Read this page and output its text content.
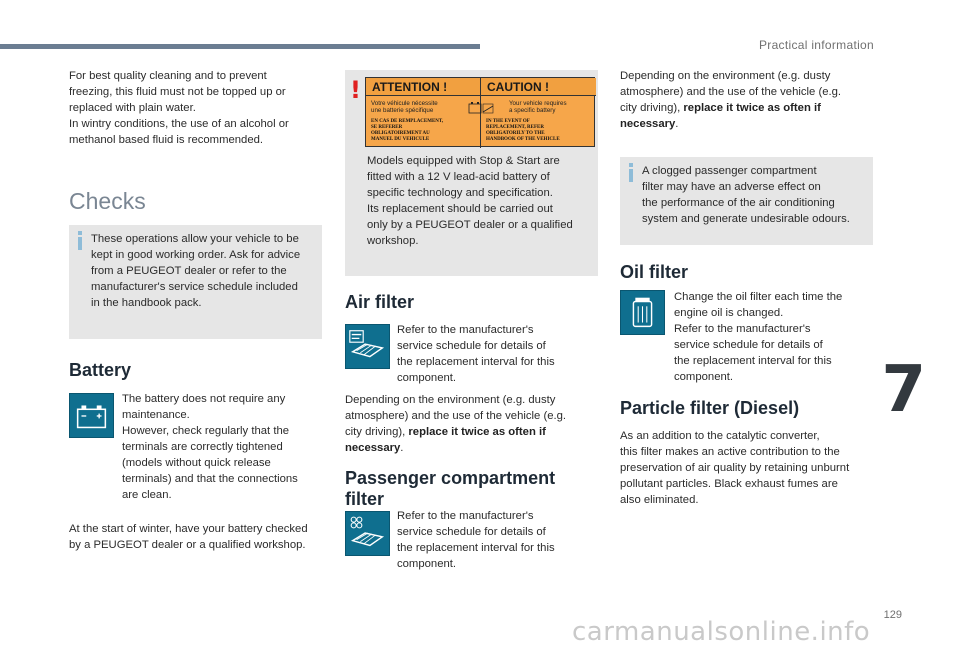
Practical information
7
129
carmanualsonline.info
For best quality cleaning and to prevent
freezing, this fluid must not be topped up or
replaced with plain water.
In wintry conditions, the use of an alcohol or
methanol based fluid is recommended.
Checks
These operations allow your vehicle to be
kept in good working order. Ask for advice
from a PEUGEOT dealer or refer to the
manufacturer's service schedule included
in the handbook pack.
Battery
The battery does not require any
maintenance.
However, check regularly that the
terminals are correctly tightened
(models without quick release
terminals) and that the connections
are clean.
At the start of winter, have your battery checked
by a PEUGEOT dealer or a qualified workshop.
! ATTENTION !	CAUTION !
Votre véhicule nécessite
une batterie spécifique
Your vehicle requires
a specific battery
EN CAS DE REMPLACEMENT,
SE REFERER
OBLIGATOIREMENT AU
MANUEL DU VEHICULE
IN THE EVENT OF
REPLACEMENT, REFER
OBLIGATORILY TO THE
HANDBOOK OF THE VEHICLE
Models equipped with Stop & Start are
fitted with a 12 V lead-acid battery of
specific technology and specification.
Its replacement should be carried out
only by a PEUGEOT dealer or a qualified
workshop.
Air filter
Refer to the manufacturer's
service schedule for details of
the replacement interval for this
component.
Depending on the environment (e.g. dusty
atmosphere) and the use of the vehicle (e.g.
city driving), replace it twice as often if
necessary.
Passenger compartment
filter
Refer to the manufacturer's
service schedule for details of
the replacement interval for this
component.
Depending on the environment (e.g. dusty
atmosphere) and the use of the vehicle (e.g.
city driving), replace it twice as often if
necessary.
A clogged passenger compartment
filter may have an adverse effect on
the performance of the air conditioning
system and generate undesirable odours.
Oil filter
Change the oil filter each time the
engine oil is changed.
Refer to the manufacturer's
service schedule for details of
the replacement interval for this
component.
Particle filter (Diesel)
As an addition to the catalytic converter,
this filter makes an active contribution to the
preservation of air quality by retaining unburnt
pollutant particles. Black exhaust fumes are
also eliminated.
